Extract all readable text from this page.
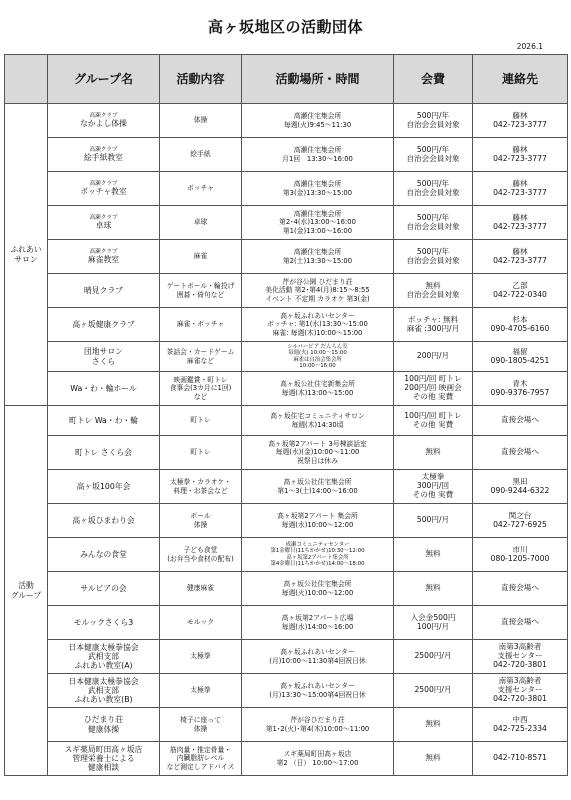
高ヶ坂地区の活動団体
2026.1
	グループ名	活動内容	活動場所・時間	会費	連絡先

ふれあい
サロン	高瀬クラブ
なかよし体操	体操	高瀬住宅集会所
毎週(火)9:45～11:30	500円/年
自治会会員対象	藤林
042-723-3777

	高瀬クラブ
絵手紙教室	絵手紙	高瀬住宅集会所
月1回　13:30～16:00	500円/年
自治会会員対象	藤林
042-723-3777

	高瀬クラブ
ボッチャ教室	ボッチャ	高瀬住宅集会所
第3(金)13:30～15:00	500円/年
自治会会員対象	藤林
042-723-3777

	高瀬クラブ
卓球	卓球	高瀬住宅集会所
第2･4(水)13:00～16:00
第1(金)13:00～16:00	500円/年
自治会会員対象	藤林
042-723-3777

	高瀬クラブ
麻雀教室	麻雀	高瀬住宅集会所
第2(土)13:30～15:00	500円/年
自治会会員対象	藤林
042-723-3777

	晴見クラブ	ゲートボール・輪投げ
囲碁・倚句など	芹が谷公園 ひだまり荘
美化活動 第2･第4(月)8:15～8:55
イベント 不定期 カラオケ 第3(金)	無料
自治会会員対象	乙部
042-722-0340

	高ヶ坂健康クラブ	麻雀・ボッチャ	高ヶ坂ふれあいセンター
ボッチャ: 第1(水)13:30～15:00
麻雀: 毎週(木)10:00～15:00	ボッチャ: 無料
麻雀 :300円/月	杉本
090-4705-6160

	団地サロン
さくら	茶話会・カードゲーム
麻雀など	シルバーピア だんらん室
毎週(火) 10:00～15:00
麻雀は自治会集会所
10:00～16:00	200円/月	福留
090-1805-4251

	Wa・わ・輪ホール	映画鑑賞・町トレ
食事会(3カ月に1回)
など	高ヶ坂公社住宅新集会所
毎週(木)13:00～15:00	100円/回 町トレ
200円/回 映画会
その他 実費	青木
090-9376-7957

活動
グループ	町トレ Wa・わ・輪	町トレ	高ヶ坂住宅コミュニティサロン
毎週(木)14:30頃	100円/回 町トレ
その他 実費	直接会場へ

	町トレ さくら会	町トレ	高ヶ坂第2アパート 3号棟談話室
毎週(水)(金)10:00～11:00
祝祭日は休み	無料	直接会場へ

	高ヶ坂100年会	太極拳・カラオケ・
料理・お茶会など	高ヶ坂公社住宅集会所
第1～3(土)14:00～16:00	太極拳
300円/回
その他 実費	黒田
090-9244-6322

	高ヶ坂ひまわり会	ボール
体操	高ヶ坂第2アパート 集会所
毎週(水)10:00～12:00	500円/月	関之台
042-727-6925

	みんなの食堂	子ども食堂
(お弁当や食材の配布)	成瀬コミュニティセンター
第1金曜日(11ちかかせ)10:30～12:00
高ヶ坂第2アパート集会所
第4金曜日(11ちかかせ)14:00～18:00	無料	市川
080-1205-7000

	サルビアの会	健康麻雀	高ヶ坂公社住宅集会所
毎週(火)10:00～12:00	無料	直接会場へ

	モルックさくら3	モルック	高ヶ坂第2アパート広場
毎週(水)14:00～16:00	入会金500円
100円/月	直接会場へ

	日本健康太極拳協会
武相支部
ふれあい教室(A)	太極拳	高ヶ坂ふれあいセンター
(月)10:00～11:30第4回祝日休	2500円/月	南第3高齢者
支援センター
042-720-3801

	日本健康太極拳協会
武相支部
ふれあい教室(B)	太極拳	高ヶ坂ふれあいセンター
(月)13:30～15:00第4回祝日休	2500円/月	南第3高齢者
支援センター
042-720-3801

	ひだまり荘
健康体操	椅子に座って
体操	芹が谷ひだまり荘
第1･2(火)･第4(木)10:00～11:00	無料	中西
042-725-2334

	スギ薬局町田高ヶ坂店
管理栄養士による
健康相談	筋肉量・推定骨量・
内臓脂肪レベル
など測定しアドバイス	スギ薬局町田高ヶ坂店
第2 （日） 10:00～17:00	無料	042-710-8571
